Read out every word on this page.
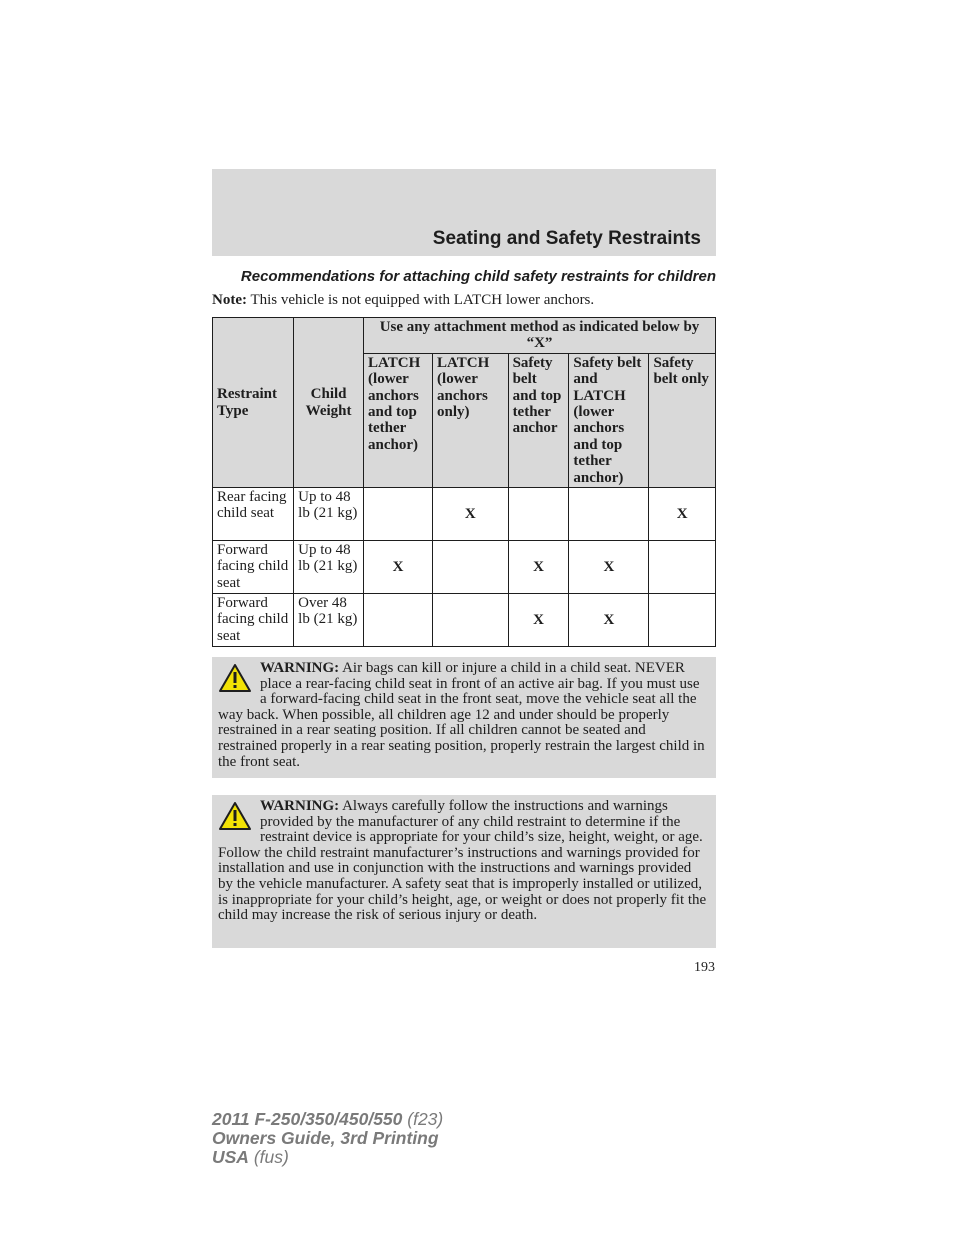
Seating and Safety Restraints
Recommendations for attaching child safety restraints for children
Note: This vehicle is not equipped with LATCH lower anchors.
Restraint Type	Child Weight	Use any attachment method as indicated below by “X”				
		LATCH (lower anchors and top tether anchor)	LATCH (lower anchors only)	Safety belt and top tether anchor	Safety belt and LATCH (lower anchors and top tether anchor)	Safety belt only
Rear facing child seat	Up to 48 lb (21 kg)		X			X
Forward facing child seat	Up to 48 lb (21 kg)	X		X	X	
Forward facing child seat	Over 48 lb (21 kg)			X	X	
WARNING: Air bags can kill or injure a child in a child seat. NEVER place a rear-facing child seat in front of an active air bag. If you must use a forward-facing child seat in the front seat, move the vehicle seat all the way back. When possible, all children age 12 and under should be properly restrained in a rear seating position. If all children cannot be seated and restrained properly in a rear seating position, properly restrain the largest child in the front seat.
WARNING: Always carefully follow the instructions and warnings provided by the manufacturer of any child restraint to determine if the restraint device is appropriate for your child’s size, height, weight, or age. Follow the child restraint manufacturer’s instructions and warnings provided for installation and use in conjunction with the instructions and warnings provided by the vehicle manufacturer. A safety seat that is improperly installed or utilized, is inappropriate for your child’s height, age, or weight or does not properly fit the child may increase the risk of serious injury or death.
193
2011 F-250/350/450/550 (f23)
Owners Guide, 3rd Printing
USA (fus)
